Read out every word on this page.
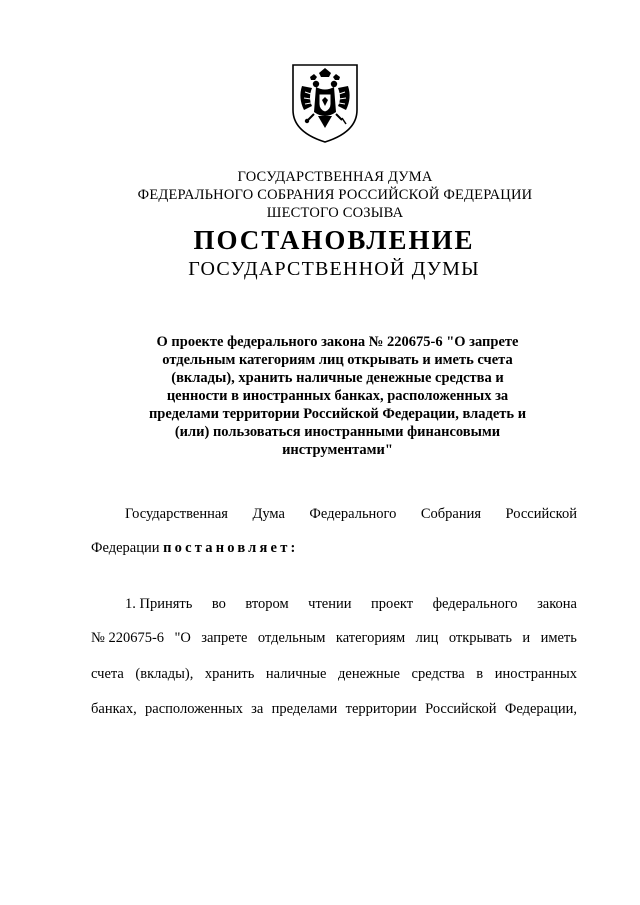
ГОСУДАРСТВЕННАЯ ДУМА
ФЕДЕРАЛЬНОГО СОБРАНИЯ РОССИЙСКОЙ ФЕДЕРАЦИИ
ШЕСТОГО СОЗЫВА
ПОСТАНОВЛЕНИЕ
ГОСУДАРСТВЕННОЙ ДУМЫ
О проекте федерального закона № 220675-6 "О запрете
отдельным категориям лиц открывать и иметь счета
(вклады), хранить наличные денежные средства и
ценности в иностранных банках, расположенных за
пределами территории Российской Федерации, владеть и
(или) пользоваться иностранными финансовыми
инструментами"
Государственная Дума Федерального Собрания Российской
Федерации постановляет:
1. Принять во втором чтении проект федерального закона
№ 220675-6 "О запрете отдельным категориям лиц открывать и иметь
счета (вклады), хранить наличные денежные средства в иностранных
банках, расположенных за пределами территории Российской Федерации,
